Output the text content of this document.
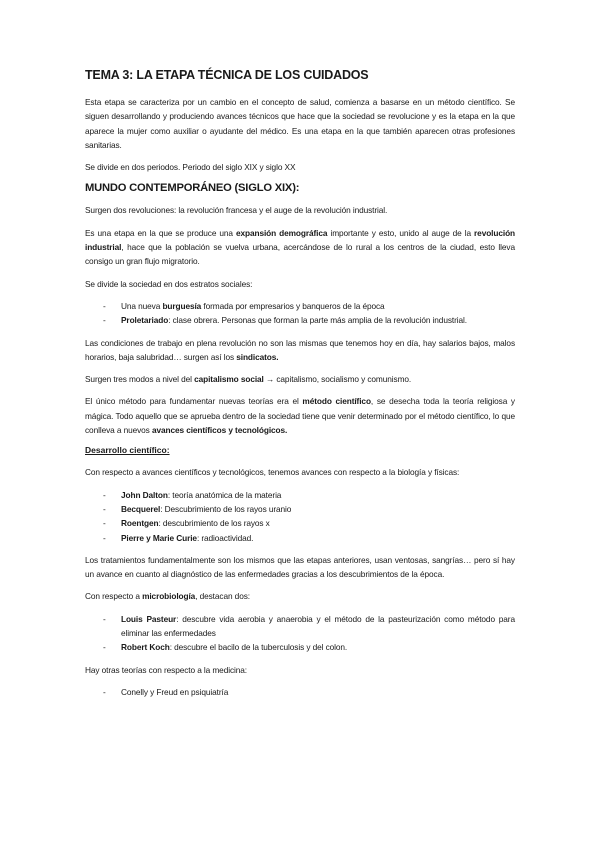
TEMA 3: LA ETAPA TÉCNICA DE LOS CUIDADOS

Esta etapa se caracteriza por un cambio en el concepto de salud, comienza a basarse en un método científico. Se siguen desarrollando y produciendo avances técnicos que hace que la sociedad se revolucione y es la etapa en la que aparece la mujer como auxiliar o ayudante del médico. Es una etapa en la que también aparecen otras profesiones sanitarias.

Se divide en dos periodos. Periodo del siglo XIX y siglo XX

MUNDO CONTEMPORÁNEO (SIGLO XIX):

Surgen dos revoluciones: la revolución francesa y el auge de la revolución industrial.

Es una etapa en la que se produce una expansión demográfica importante y esto, unido al auge de la revolución industrial, hace que la población se vuelva urbana, acercándose de lo rural a los centros de la ciudad, esto lleva consigo un gran flujo migratorio.

Se divide la sociedad en dos estratos sociales:

- Una nueva burguesía formada por empresarios y banqueros de la época
- Proletariado: clase obrera. Personas que forman la parte más amplia de la revolución industrial.

Las condiciones de trabajo en plena revolución no son las mismas que tenemos hoy en día, hay salarios bajos, malos horarios, baja salubridad… surgen así los sindicatos.

Surgen tres modos a nivel del capitalismo social → capitalismo, socialismo y comunismo.

El único método para fundamentar nuevas teorías era el método científico, se desecha toda la teoría religiosa y mágica. Todo aquello que se aprueba dentro de la sociedad tiene que venir determinado por el método científico, lo que conlleva a nuevos avances científicos y tecnológicos.

Desarrollo científico:

Con respecto a avances científicos y tecnológicos, tenemos avances con respecto a la biología y físicas:

- John Dalton: teoría anatómica de la materia
- Becquerel: Descubrimiento de los rayos uranio
- Roentgen: descubrimiento de los rayos x
- Pierre y Marie Curie: radioactividad.

Los tratamientos fundamentalmente son los mismos que las etapas anteriores, usan ventosas, sangrías… pero sí hay un avance en cuanto al diagnóstico de las enfermedades gracias a los descubrimientos de la época.

Con respecto a microbiología, destacan dos:

- Louis Pasteur: descubre vida aerobia y anaerobia y el método de la pasteurización como método para eliminar las enfermedades
- Robert Koch: descubre el bacilo de la tuberculosis y del colon.

Hay otras teorías con respecto a la medicina:

- Conelly y Freud en psiquiatría
